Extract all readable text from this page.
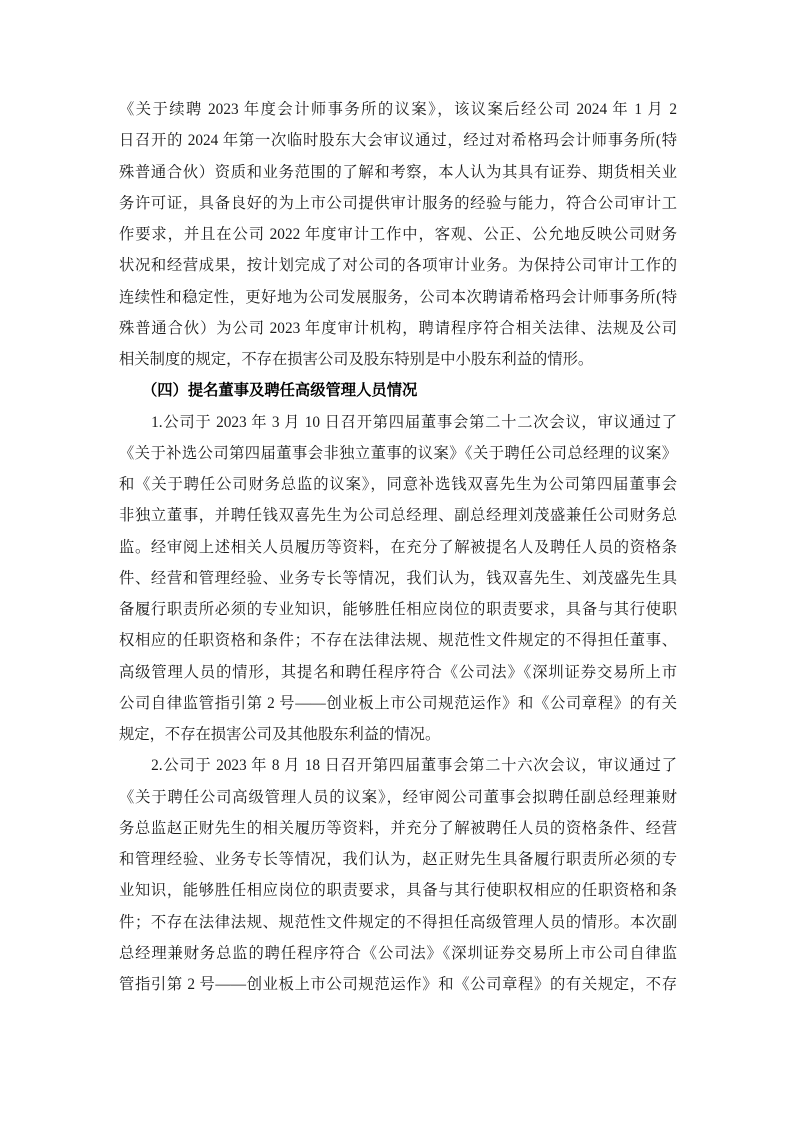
《关于续聘 2023 年度会计师事务所的议案》，该议案后经公司 2024 年 1 月 2
日召开的 2024 年第一次临时股东大会审议通过，经过对希格玛会计师事务所(特
殊普通合伙）资质和业务范围的了解和考察，本人认为其具有证券、期货相关业
务许可证，具备良好的为上市公司提供审计服务的经验与能力，符合公司审计工
作要求，并且在公司 2022 年度审计工作中，客观、公正、公允地反映公司财务
状况和经营成果，按计划完成了对公司的各项审计业务。为保持公司审计工作的
连续性和稳定性，更好地为公司发展服务，公司本次聘请希格玛会计师事务所(特
殊普通合伙）为公司 2023 年度审计机构，聘请程序符合相关法律、法规及公司
相关制度的规定，不存在损害公司及股东特别是中小股东利益的情形。
　　（四）提名董事及聘任高级管理人员情况
　　1.公司于 2023 年 3 月 10 日召开第四届董事会第二十二次会议，审议通过了
《关于补选公司第四届董事会非独立董事的议案》《关于聘任公司总经理的议案》
和《关于聘任公司财务总监的议案》，同意补选钱双喜先生为公司第四届董事会
非独立董事，并聘任钱双喜先生为公司总经理、副总经理刘茂盛兼任公司财务总
监。经审阅上述相关人员履历等资料，在充分了解被提名人及聘任人员的资格条
件、经营和管理经验、业务专长等情况，我们认为，钱双喜先生、刘茂盛先生具
备履行职责所必须的专业知识，能够胜任相应岗位的职责要求，具备与其行使职
权相应的任职资格和条件；不存在法律法规、规范性文件规定的不得担任董事、
高级管理人员的情形，其提名和聘任程序符合《公司法》《深圳证券交易所上市
公司自律监管指引第 2 号——创业板上市公司规范运作》和《公司章程》的有关
规定，不存在损害公司及其他股东利益的情况。
　　2.公司于 2023 年 8 月 18 日召开第四届董事会第二十六次会议，审议通过了
《关于聘任公司高级管理人员的议案》，经审阅公司董事会拟聘任副总经理兼财
务总监赵正财先生的相关履历等资料，并充分了解被聘任人员的资格条件、经营
和管理经验、业务专长等情况，我们认为，赵正财先生具备履行职责所必须的专
业知识，能够胜任相应岗位的职责要求，具备与其行使职权相应的任职资格和条
件；不存在法律法规、规范性文件规定的不得担任高级管理人员的情形。本次副
总经理兼财务总监的聘任程序符合《公司法》《深圳证券交易所上市公司自律监
管指引第 2 号——创业板上市公司规范运作》和《公司章程》的有关规定，不存
